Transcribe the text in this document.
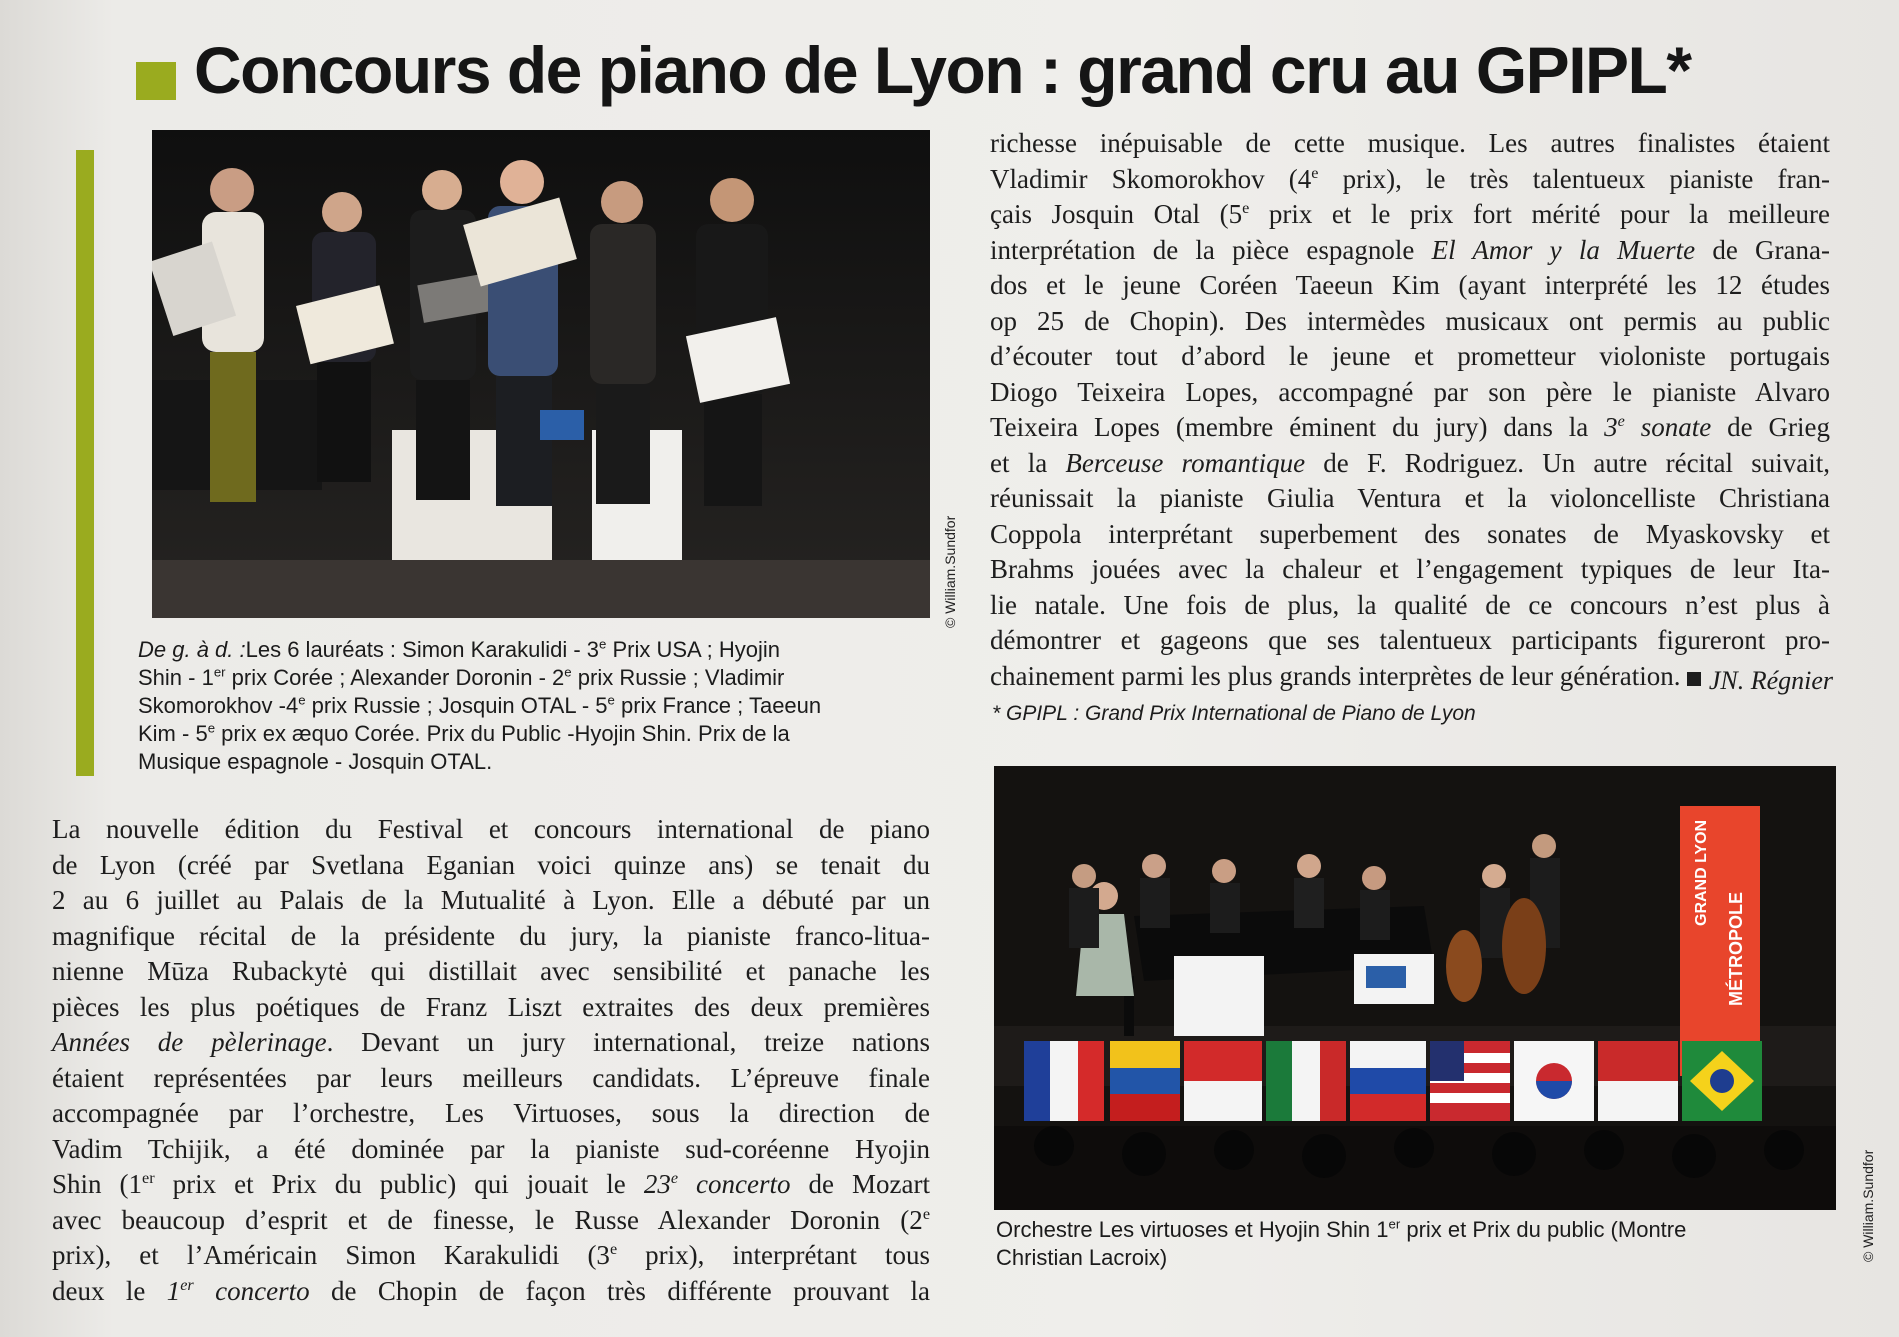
Concours de piano de Lyon : grand cru au GPIPL*
© William.Sundfor
De g. à d. :Les 6 lauréats : Simon Karakulidi - 3e Prix USA ; Hyojin
Shin - 1er prix Corée ; Alexander Doronin - 2e prix Russie ; Vladimir
Skomorokhov -4e prix Russie ; Josquin OTAL - 5e prix France ; Taeeun
Kim - 5e prix ex æquo Corée. Prix du Public -Hyojin Shin. Prix de la
Musique espagnole - Josquin OTAL.
La nouvelle édition du Festival et concours international de piano
de Lyon (créé par Svetlana Eganian voici quinze ans) se tenait du
2 au 6 juillet au Palais de la Mutualité à Lyon. Elle a débuté par un
magnifique récital de la présidente du jury, la pianiste franco-litua-
nienne Mūza Rubackytė qui distillait avec sensibilité et panache les
pièces les plus poétiques de Franz Liszt extraites des deux premières
Années de pèlerinage. Devant un jury international, treize nations
étaient représentées par leurs meilleurs candidats. L’épreuve finale
accompagnée par l’orchestre, Les Virtuoses, sous la direction de
Vadim Tchijik, a été dominée par la pianiste sud-coréenne Hyojin
Shin (1er prix et Prix du public) qui jouait le 23e concerto de Mozart
avec beaucoup d’esprit et de finesse, le Russe Alexander Doronin (2e
prix), et l’Américain Simon Karakulidi (3e prix), interprétant tous
deux le 1er concerto de Chopin de façon très différente prouvant la
richesse inépuisable de cette musique. Les autres finalistes étaient
Vladimir Skomorokhov (4e prix), le très talentueux pianiste fran-
çais Josquin Otal (5e prix et le prix fort mérité pour la meilleure
interprétation de la pièce espagnole El Amor y la Muerte de Grana-
dos et le jeune Coréen Taeeun Kim (ayant interprété les 12 études
op 25 de Chopin). Des intermèdes musicaux ont permis au public
d’écouter tout d’abord le jeune et prometteur violoniste portugais
Diogo Teixeira Lopes, accompagné par son père le pianiste Alvaro
Teixeira Lopes (membre éminent du jury) dans la 3e sonate de Grieg
et la Berceuse romantique de F. Rodriguez. Un autre récital suivait,
réunissait la pianiste Giulia Ventura et la violoncelliste Christiana
Coppola interprétant superbement des sonates de Myaskovsky et
Brahms jouées avec la chaleur et l’engagement typiques de leur Ita-
lie natale. Une fois de plus, la qualité de ce concours n’est plus à
démontrer et gageons que ses talentueux participants figureront pro-
chainement parmi les plus grands interprètes de leur génération.	JN. Régnier
* GPIPL : Grand Prix International de Piano de Lyon
MÉTROPOLE
GRAND LYON
© William.Sundfor
Orchestre Les virtuoses et Hyojin Shin 1er prix et Prix du public (Montre
Christian Lacroix)
